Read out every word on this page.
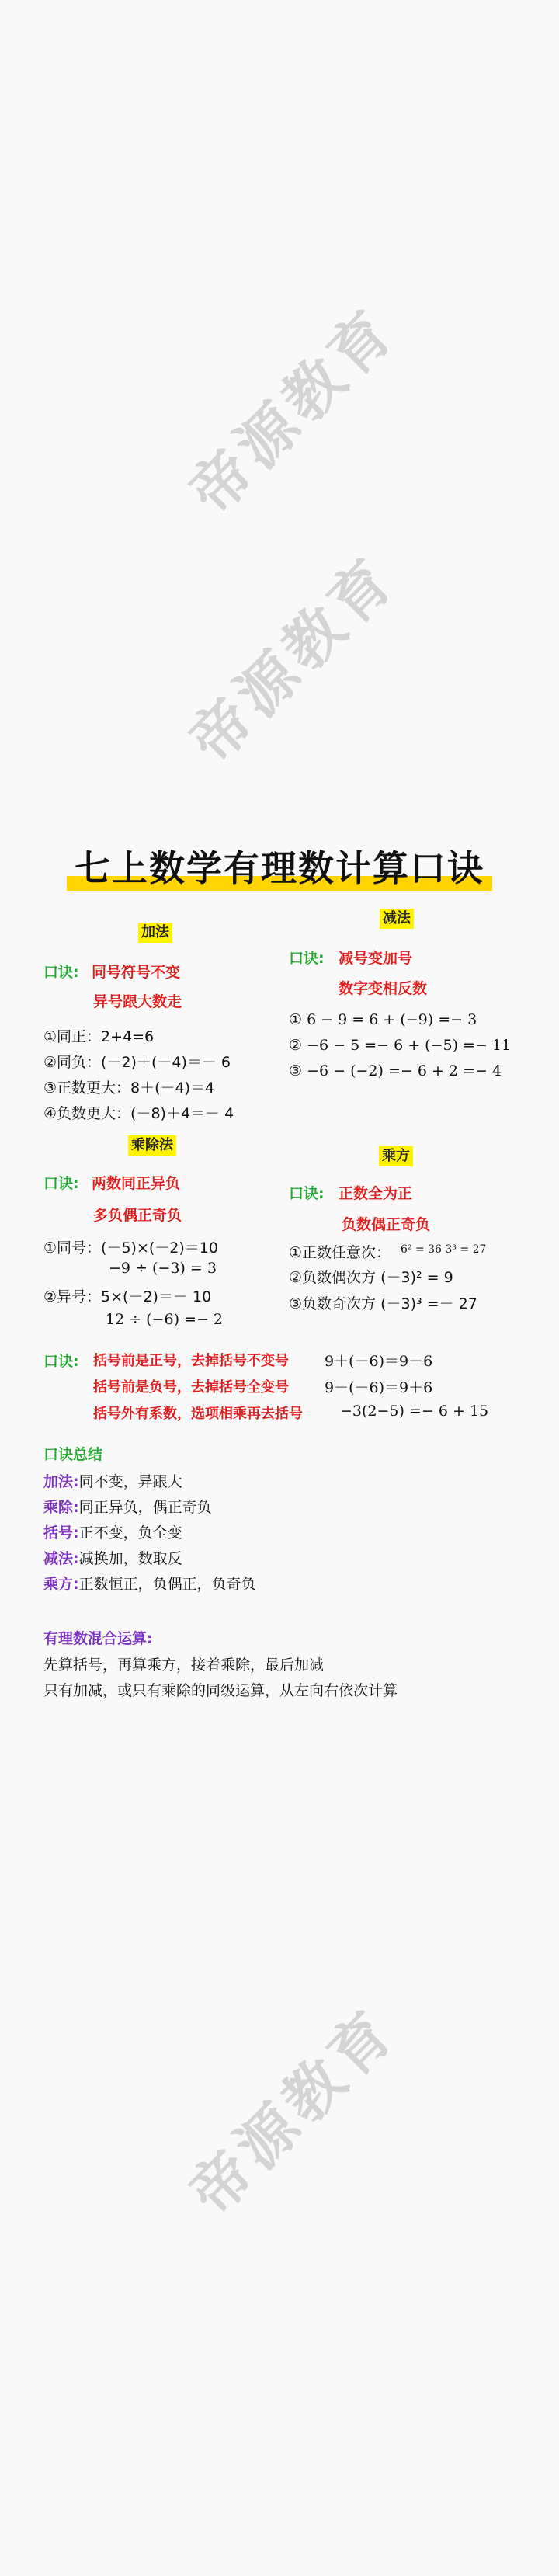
帝源教育
帝源教育
帝源教育
七上数学有理数计算口诀
加法
口诀: 同号符号不变
异号跟大数走
①同正：2+4=6
②同负：(－2)＋(－4)＝－ 6
③正数更大：8＋(－4)＝4
④负数更大：(－8)＋4＝－ 4
减法
口诀: 减号变加号
数字变相反数
① 6 − 9 = 6 + (−9) =− 3
② −6 − 5 =− 6 + (−5) =− 11
③ −6 − (−2) =− 6 + 2 =− 4
乘除法
口诀: 两数同正异负
多负偶正奇负
①同号：(－5)×(－2)＝10
−9 ÷ (−3) = 3
②异号：5×(－2)＝－ 10
12 ÷ (−6) =− 2
乘方
口诀: 正数全为正
负数偶正奇负
①正数任意次： 6² = 36 3³ = 27
②负数偶次方 (－3)² = 9
③负数奇次方 (－3)³ =－ 27
口诀: 括号前是正号，去掉括号不变号 9＋(－6)＝9－6
括号前是负号，去掉括号全变号 9－(－6)＝9＋6
括号外有系数，选项相乘再去括号	−3(2−5) =− 6 + 15
口诀总结
加法:同不变，异跟大
乘除:同正异负，偶正奇负
括号:正不变，负全变
减法:减换加，数取反
乘方:正数恒正，负偶正，负奇负
有理数混合运算:
先算括号，再算乘方，接着乘除，最后加减
只有加减，或只有乘除的同级运算，从左向右依次计算
